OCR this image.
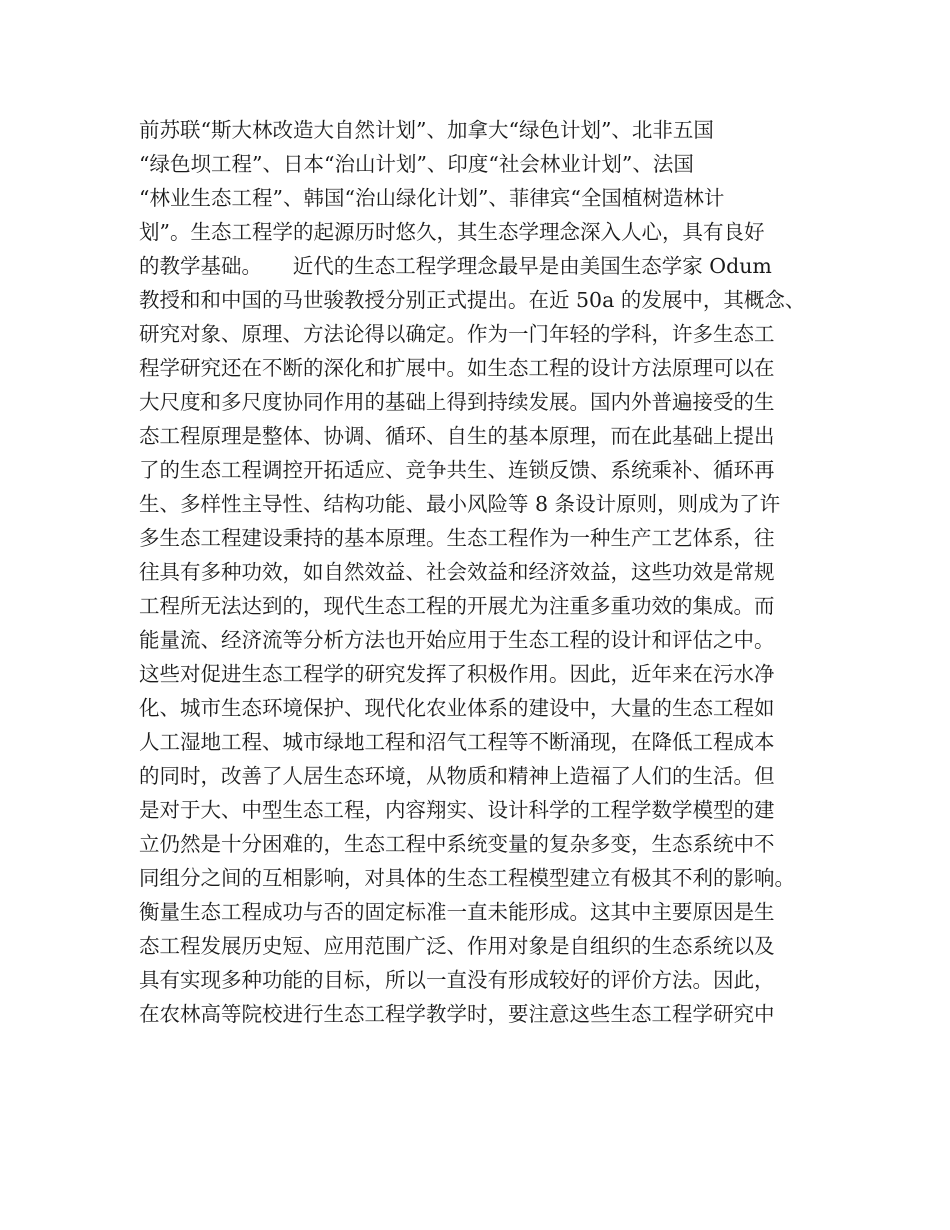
前苏联“斯大林改造大自然计划”、加拿大“绿色计划”、北非五国
“绿色坝工程”、日本“治山计划”、印度“社会林业计划”、法国
“林业生态工程”、韩国“治山绿化计划”、菲律宾“全国植树造林计
划”。生态工程学的起源历时悠久，其生态学理念深入人心，具有良好
的教学基础。　　近代的生态工程学理念最早是由美国生态学家 Odum
教授和和中国的马世骏教授分别正式提出。在近 50a 的发展中，其概念、
研究对象、原理、方法论得以确定。作为一门年轻的学科，许多生态工
程学研究还在不断的深化和扩展中。如生态工程的设计方法原理可以在
大尺度和多尺度协同作用的基础上得到持续发展。国内外普遍接受的生
态工程原理是整体、协调、循环、自生的基本原理，而在此基础上提出
了的生态工程调控开拓适应、竞争共生、连锁反馈、系统乘补、循环再
生、多样性主导性、结构功能、最小风险等 8 条设计原则，则成为了许
多生态工程建设秉持的基本原理。生态工程作为一种生产工艺体系，往
往具有多种功效，如自然效益、社会效益和经济效益，这些功效是常规
工程所无法达到的，现代生态工程的开展尤为注重多重功效的集成。而
能量流、经济流等分析方法也开始应用于生态工程的设计和评估之中。
这些对促进生态工程学的研究发挥了积极作用。因此，近年来在污水净
化、城市生态环境保护、现代化农业体系的建设中，大量的生态工程如
人工湿地工程、城市绿地工程和沼气工程等不断涌现，在降低工程成本
的同时，改善了人居生态环境，从物质和精神上造福了人们的生活。但
是对于大、中型生态工程，内容翔实、设计科学的工程学数学模型的建
立仍然是十分困难的，生态工程中系统变量的复杂多变，生态系统中不
同组分之间的互相影响，对具体的生态工程模型建立有极其不利的影响。
衡量生态工程成功与否的固定标准一直未能形成。这其中主要原因是生
态工程发展历史短、应用范围广泛、作用对象是自组织的生态系统以及
具有实现多种功能的目标，所以一直没有形成较好的评价方法。因此，
在农林高等院校进行生态工程学教学时，要注意这些生态工程学研究中
